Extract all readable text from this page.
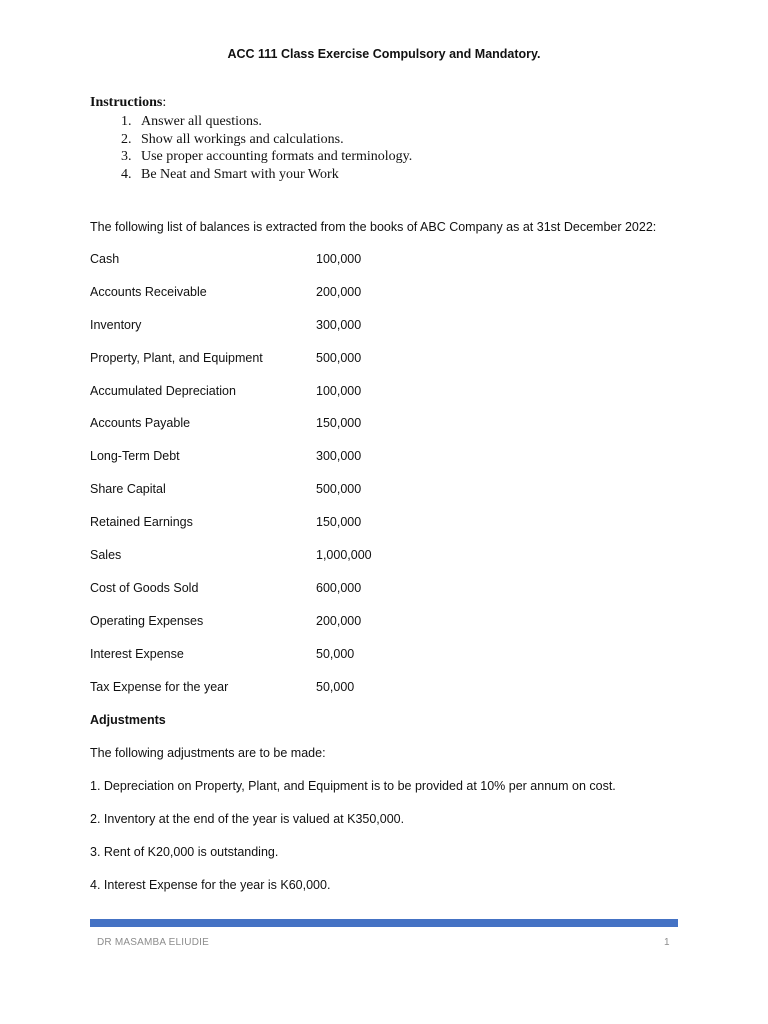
ACC 111 Class Exercise Compulsory and Mandatory.
Instructions:
1. Answer all questions.
2. Show all workings and calculations.
3. Use proper accounting formats and terminology.
4. Be Neat and Smart with your Work
The following list of balances is extracted from the books of ABC Company as at 31st December 2022:
Cash	100,000
Accounts Receivable	200,000
Inventory	300,000
Property, Plant, and Equipment	500,000
Accumulated Depreciation	100,000
Accounts Payable	150,000
Long-Term Debt	300,000
Share Capital	500,000
Retained Earnings	150,000
Sales	1,000,000
Cost of Goods Sold	600,000
Operating Expenses	200,000
Interest Expense	50,000
Tax Expense for the year	50,000
Adjustments
The following adjustments are to be made:
1. Depreciation on Property, Plant, and Equipment is to be provided at 10% per annum on cost.
2. Inventory at the end of the year is valued at K350,000.
3. Rent of K20,000 is outstanding.
4. Interest Expense for the year is K60,000.
DR MASAMBA ELIUDIE	1
